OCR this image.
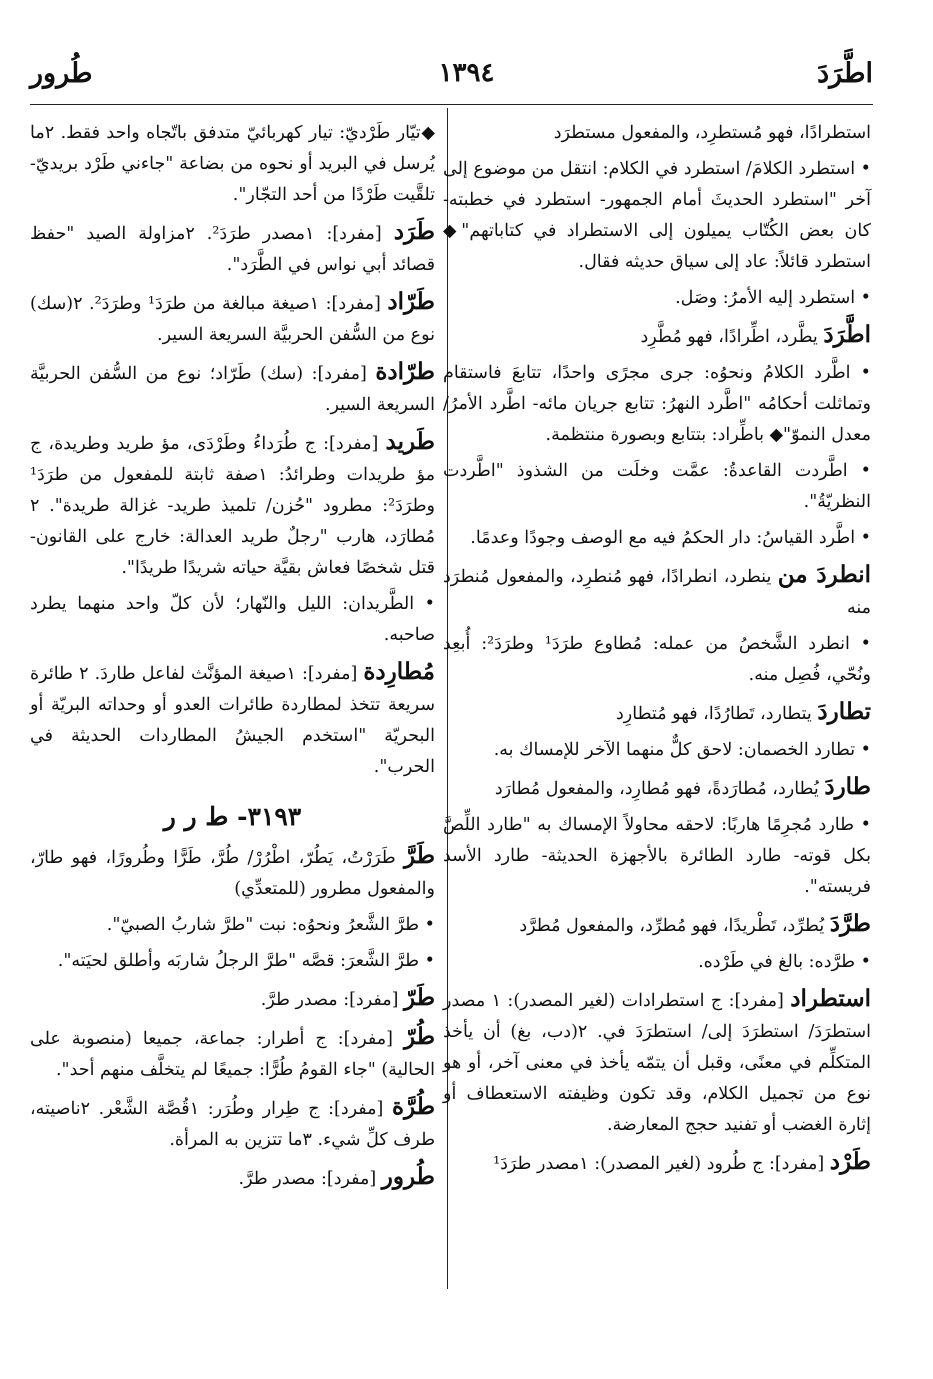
اطَّرَدَ
١٣٩٤
طُرور

استطرادًا، فهو مُستطرِد، والمفعول مستطرَد

• استطرد الكلامَ/ استطرد في الكلام: انتقل من موضوع إلى آخر "استطرد الحديثَ أمام الجمهور- استطرد في خطبته- كان بعض الكُتّاب يميلون إلى الاستطراد في كتاباتهم"◆ استطرد قائلاً: عاد إلى سياق حديثه فقال.

• استطرد إليه الأمرُ: وصَل.

اطَّرَدَ يطَّرد، اطِّرادًا، فهو مُطَّرِد

• اطَّرد الكلامُ ونحوُه: جرى مجرًى واحدًا، تتابعَ فاستقام وتماثلت أحكامُه "اطَّرد النهرُ: تتابع جريان مائه- اطَّرد الأمرُ/ معدل النموّ"◆ باطِّراد: بتتابع وبصورة منتظمة.

• اطَّردت القاعدةُ: عمَّت وخلَت من الشذوذ "اطَّردت النظريّةُ".

• اطَّرد القياسُ: دار الحكمُ فيه مع الوصف وجودًا وعدمًا.

انطردَ من ينطرد، انطرادًا، فهو مُنطرِد، والمفعول مُنطرَد منه

• انطرد الشَّخصُ من عمله: مُطاوع طرَدَ¹ وطرَدَ²: أُبعِد ونُحّي، فُصِل منه.

تطاردَ يتطارد، تَطارُدًا، فهو مُتطارِد

• تطارد الخصمان: لاحق كلٌّ منهما الآخر للإمساك به.

طاردَ يُطارد، مُطارَدةً، فهو مُطارِد، والمفعول مُطارَد

• طارد مُجرِمًا هاربًا: لاحقه محاولاً الإمساك به "طارد اللِّصَّ بكل قوته- طارد الطائرة بالأجهزة الحديثة- طارد الأسد فريسته".

طرَّدَ يُطرِّد، تَطْريدًا، فهو مُطرِّد، والمفعول مُطرَّد

• طرَّده: بالغ في طَرْده.

استطراد [مفرد]: ج استطرادات (لغير المصدر): ١ مصدر استطرَدَ/ استطرَدَ إلى/ استطرَدَ في. ٢(دب، بغ) أن يأخذ المتكلِّم في معنًى، وقبل أن يتمّه يأخذ في معنى آخر، أو هو نوع من تجميل الكلام، وقد تكون وظيفته الاستعطاف أو إثارة الغضب أو تفنيد حجج المعارضة.

طَرْد [مفرد]: ج طُرود (لغير المصدر): ١مصدر طرَدَ¹

◆تيّار طَرْديّ: تيار كهربائيّ متدفق باتّجاه واحد فقط. ٢ما يُرسل في البريد أو نحوه من بضاعة "جاءني طَرْد بريديّ- تلقَّيت طَرْدًا من أحد التجّار".

طَرَد [مفرد]: ١مصدر طرَدَ². ٢مزاولة الصيد "حفظ قصائد أبي نواس في الطَّرَد".

طَرّاد [مفرد]: ١صيغة مبالغة من طرَدَ¹ وطرَدَ². ٢(سك) نوع من السُّفن الحربيَّة السريعة السير.

طرّادة [مفرد]: (سك) طَرّاد؛ نوع من السُّفن الحربيَّة السريعة السير.

طَريد [مفرد]: ج طُرَداءُ وطَرْدَى، مؤ طريد وطريدة، ج مؤ طريدات وطرائدُ: ١صفة ثابتة للمفعول من طرَدَ¹ وطرَدَ²: مطرود "حُزن/ تلميذ طريد- غزالة طريدة". ٢ مُطارَد، هارب "رجلٌ طريد العدالة: خارج على القانون- قتل شخصًا فعاش بقيَّة حياته شريدًا طريدًا".

• الطَّريدان: الليل والنّهار؛ لأن كلّ واحد منهما يطرد صاحبه.

مُطارِدة [مفرد]: ١صيغة المؤنَّث لفاعل طاردَ. ٢ طائرة سريعة تتخذ لمطاردة طائرات العدو أو وحداته البريّة أو البحريّة "استخدم الجيشُ المطاردات الحديثة في الحرب".

٣١٩٣- ط ر ر

طَرَّ طَرَرْتُ، يَطُرّ، اطْرُرْ/ طُرَّ، طَرًّا وطُرورًا، فهو طارّ، والمفعول مطرور (للمتعدِّي)

• طرَّ الشَّعرُ ونحوُه: نبت "طرَّ شاربُ الصبيّ".

• طرَّ الشَّعرَ: قصَّه "طرَّ الرجلُ شاربَه وأطلق لحيَته".

طَرّ [مفرد]: مصدر طرَّ.

طُرّ [مفرد]: ج أطرار: جماعة، جميعا (منصوبة على الحالية) "جاء القومُ طُرًّا: جميعًا لم يتخلَّف منهم أحد".

طُرَّة [مفرد]: ج طِرار وطُرَر: ١قُصَّة الشَّعْر. ٢ناصيته، طرف كلِّ شيء. ٣ما تتزين به المرأة.

طُرور [مفرد]: مصدر طرَّ.
